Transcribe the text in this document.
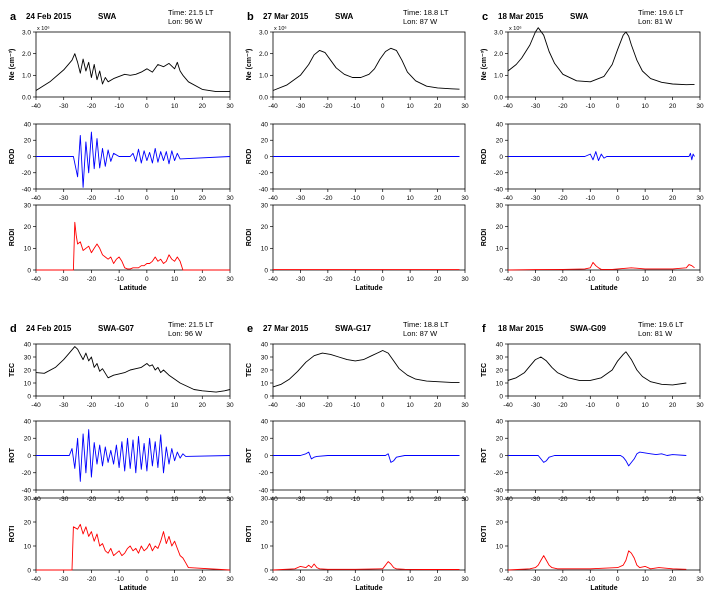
a 24 Feb 2015	SWA	Time: 21.5 LT
Lon: 96 W
-40	-30	-20	-10	0	10	20	30
0.0
1.0
2.0
3.0
Ne (cm⁻³)
x 10⁶
-40	-30	-20	-10	0	10	20	30
-40
-20
0
20
40
ROD
-40	-30	-20	-10	0	10	20	30
0
10
20
30
RODI
Latitude
b 27 Mar 2015	SWA	Time: 18.8 LT
Lon: 87 W
-40	-30	-20	-10	0	10	20	30
0.0
1.0
2.0
3.0
Ne (cm⁻³)
x 10⁶
-40	-30	-20	-10	0	10	20	30
-40
-20
0
20
40
ROD
-40	-30	-20	-10	0	10	20	30
0
10
20
30
RODI
Latitude
c 18 Mar 2015	SWA	Time: 19.6 LT
Lon: 81 W
-40	-30	-20	-10	0	10	20	30
0.0
1.0
2.0
3.0
Ne (cm⁻³)
x 10⁶
-40	-30	-20	-10	0	10	20	30
-40
-20
0
20
40
ROD
-40	-30	-20	-10	0	10	20	30
0
10
20
30
RODI
Latitude
d 24 Feb 2015	SWA-G07	Time: 21.5 LT
Lon: 96 W
-40	-30	-20	-10	0	10	20	30
0
10
20
30
40
TEC
-40	-30	-20	-10	0	10	20	30
-40
-20
0
20
40
ROT
-40	-30	-20	-10	0	10	20	30
0
10
20
30
ROTI
Latitude
e 27 Mar 2015	SWA-G17	Time: 18.8 LT
Lon: 87 W
-40	-30	-20	-10	0	10	20	30
0
10
20
30
40
TEC
-40	-30	-20	-10	0	10	20	30
-40
-20
0
20
40
ROT
-40	-30	-20	-10	0	10	20	30
0
10
20
30
ROTI
Latitude
f 18 Mar 2015	SWA-G09	Time: 19.6 LT
Lon: 81 W
-40	-30	-20	-10	0	10	20	30
0
10
20
30
40
TEC
-40	-30	-20	-10	0	10	20	30
-40
-20
0
20
40
ROT
-40	-30	-20	-10	0	10	20	30
0
10
20
30
ROTI
Latitude
